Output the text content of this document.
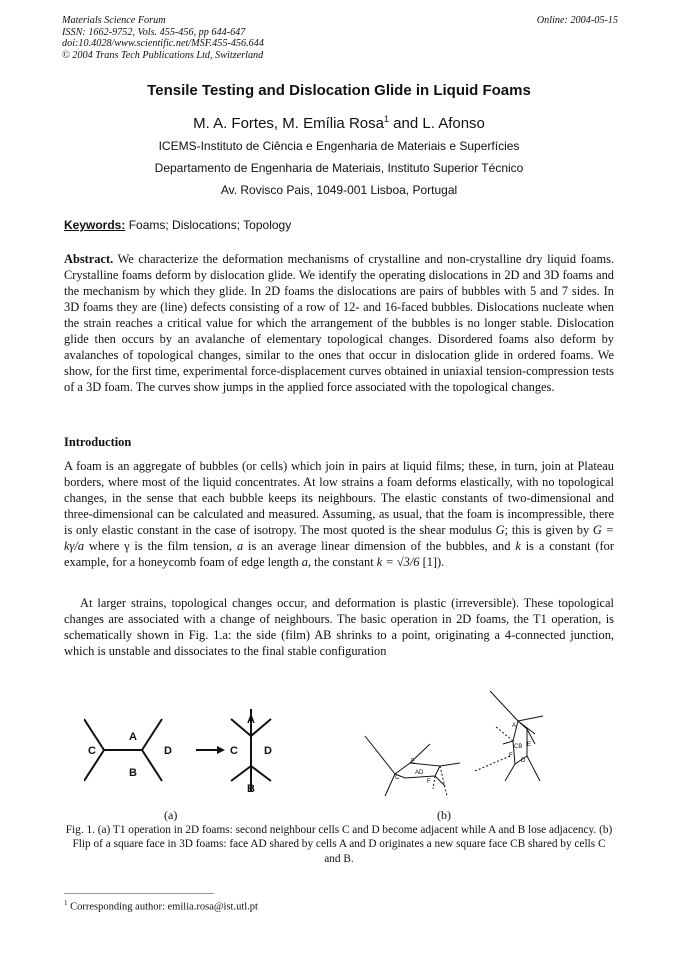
Materials Science Forum
ISSN: 1662-9752, Vols. 455-456, pp 644-647
doi:10.4028/www.scientific.net/MSF.455-456.644
© 2004 Trans Tech Publications Ltd, Switzerland
Online: 2004-05-15
Tensile Testing and Dislocation Glide in Liquid Foams
M. A. Fortes, M. Emília Rosa$^1$ and L. Afonso
ICEMS-Instituto de Ciência e Engenharia de Materiais e Superfícies
Departamento de Engenharia de Materiais, Instituto Superior Técnico
Av. Rovisco Pais, 1049-001 Lisboa, Portugal
Keywords: Foams; Dislocations; Topology

Abstract. We characterize the deformation mechanisms of crystalline and non-crystalline dry liquid foams. Crystalline foams deform by dislocation glide. We identify the operating dislocations in 2D and 3D foams and the mechanism by which they glide. In 2D foams the dislocations are pairs of bubbles with 5 and 7 sides. In 3D foams they are (line) defects consisting of a row of 12- and 16-faced bubbles. Dislocations nucleate when the strain reaches a critical value for which the arrangement of the bubbles is no longer stable. Dislocation glide then occurs by an avalanche of elementary topological changes. Disordered foams also deform by avalanches of topological changes, similar to the ones that occur in dislocation glide in ordered foams. We show, for the first time, experimental force-displacement curves obtained in uniaxial tension-compression tests of a 3D foam. The curves show jumps in the applied force associated with the topological changes.

Introduction

A foam is an aggregate of bubbles (or cells) which join in pairs at liquid films; these, in turn, join at Plateau borders, where most of the liquid concentrates. At low strains a foam deforms elastically, with no topological changes, in the sense that each bubble keeps its neighbours. The elastic constants of two-dimensional and three-dimensional can be calculated and measured. Assuming, as usual, that the foam is incompressible, there is only elastic constant in the case of isotropy. The most quoted is the shear modulus G; this is given by G = kγ/a where γ is the film tension, a is an average linear dimension of the bubbles, and k is a constant (for example, for a honeycomb foam of edge length a, the constant k = √3/6 [1]).

At larger strains, topological changes occur, and deformation is plastic (irreversible). These topological changes are associated with a change of neighbours. The basic operation in 2D foams, the T1 operation, is schematically shown in Fig. 1.a: the side (film) AB shrinks to a point, originating a 4-connected junction, which is unstable and dissociates to the final stable configuration

A
B
C	D
A
B
C D
E
AD
C
F
A
CB E
F
D
(a)	(b)
Fig. 1. (a) T1 operation in 2D foams: second neighbour cells C and D become adjacent while A and B lose adjacency. (b) Flip of a square face in 3D foams: face AD shared by cells A and D originates a new square face CB shared by cells C and B.
$^1$ Corresponding author: emilia.rosa@ist.utl.pt
